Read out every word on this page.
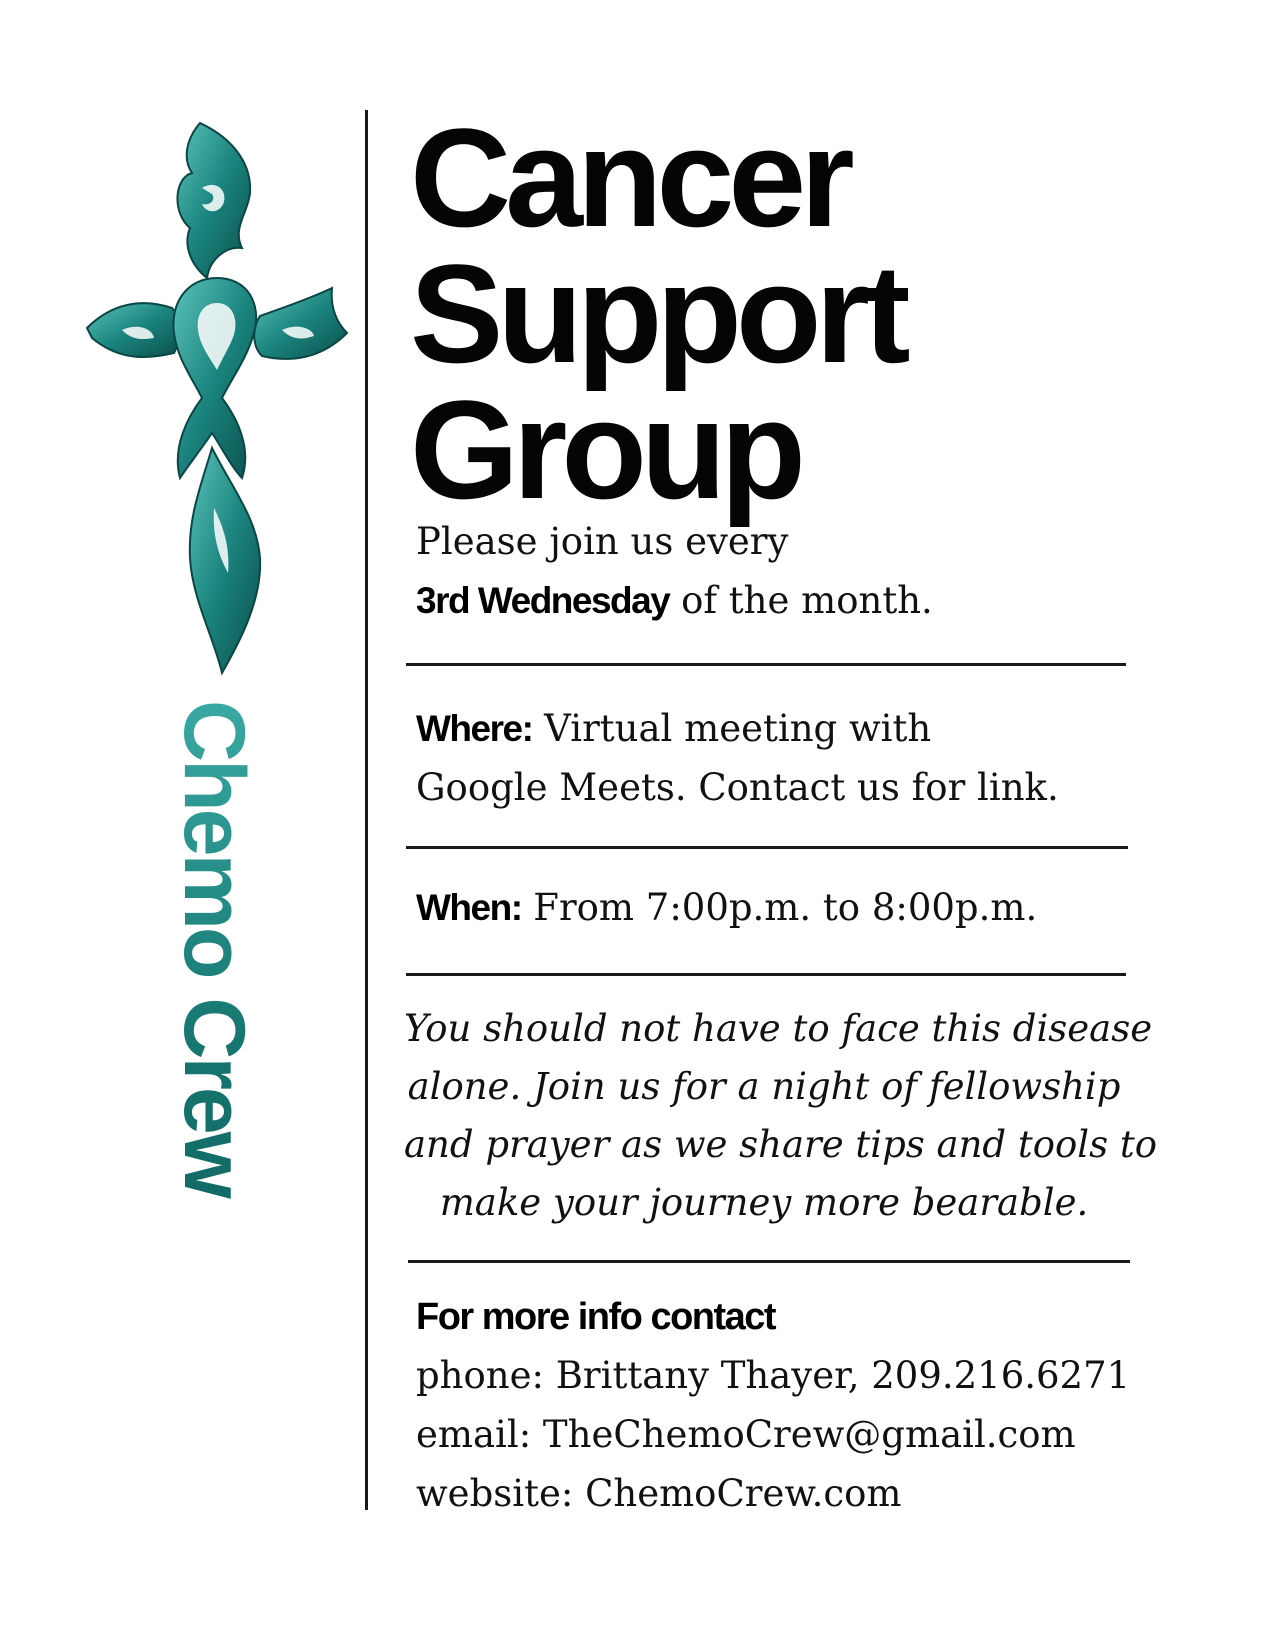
Chemo Crew
Cancer
Support
Group
Please join us every
3rd Wednesday of the month.
Where: Virtual meeting with
Google Meets. Contact us for link.
When: From 7:00p.m. to 8:00p.m.
You should not have to face this disease
alone. Join us for a night of fellowship
and prayer as we share tips and tools to
make your journey more bearable.
For more info contact
phone: Brittany Thayer, 209.216.6271
email: TheChemoCrew@gmail.com
website: ChemoCrew.com
